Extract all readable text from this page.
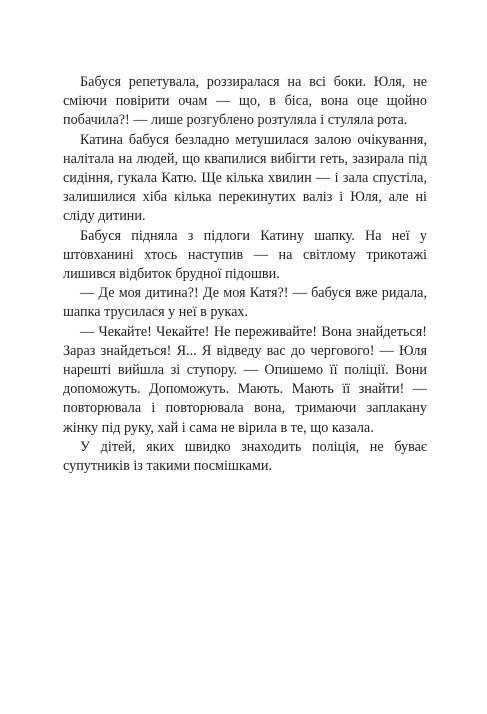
Бабуся репетувала, роззиралася на всі боки. Юля, не сміючи повірити очам — що, в біса, вона оце щойно побачила?! — лише розгублено розтуляла і стуляла рота.

Катина бабуся безладно метушилася залою очікування, налітала на людей, що квапилися вибігти геть, зазирала під сидіння, гукала Катю. Ще кілька хвилин — і зала спустіла, залишилися хіба кілька перекинутих валіз і Юля, але ні сліду дитини.

Бабуся підняла з підлоги Катину шапку. На неї у штовханині хтось наступив — на світлому трикотажі лишився відбиток брудної підошви.

— Де моя дитина?! Де моя Катя?! — бабуся вже ридала, шапка трусилася у неї в руках.

— Чекайте! Чекайте! Не переживайте! Вона знайдеться! Зараз знайдеться! Я... Я відведу вас до чергового! — Юля нарешті вийшла зі ступору. — Опишемо її поліції. Вони допоможуть. Допоможуть. Мають. Мають її знайти! — повторювала і повторювала вона, тримаючи заплакану жінку під руку, хай і сама не вірила в те, що казала.

У дітей, яких швидко знаходить поліція, не буває супутників із такими посмішками.
